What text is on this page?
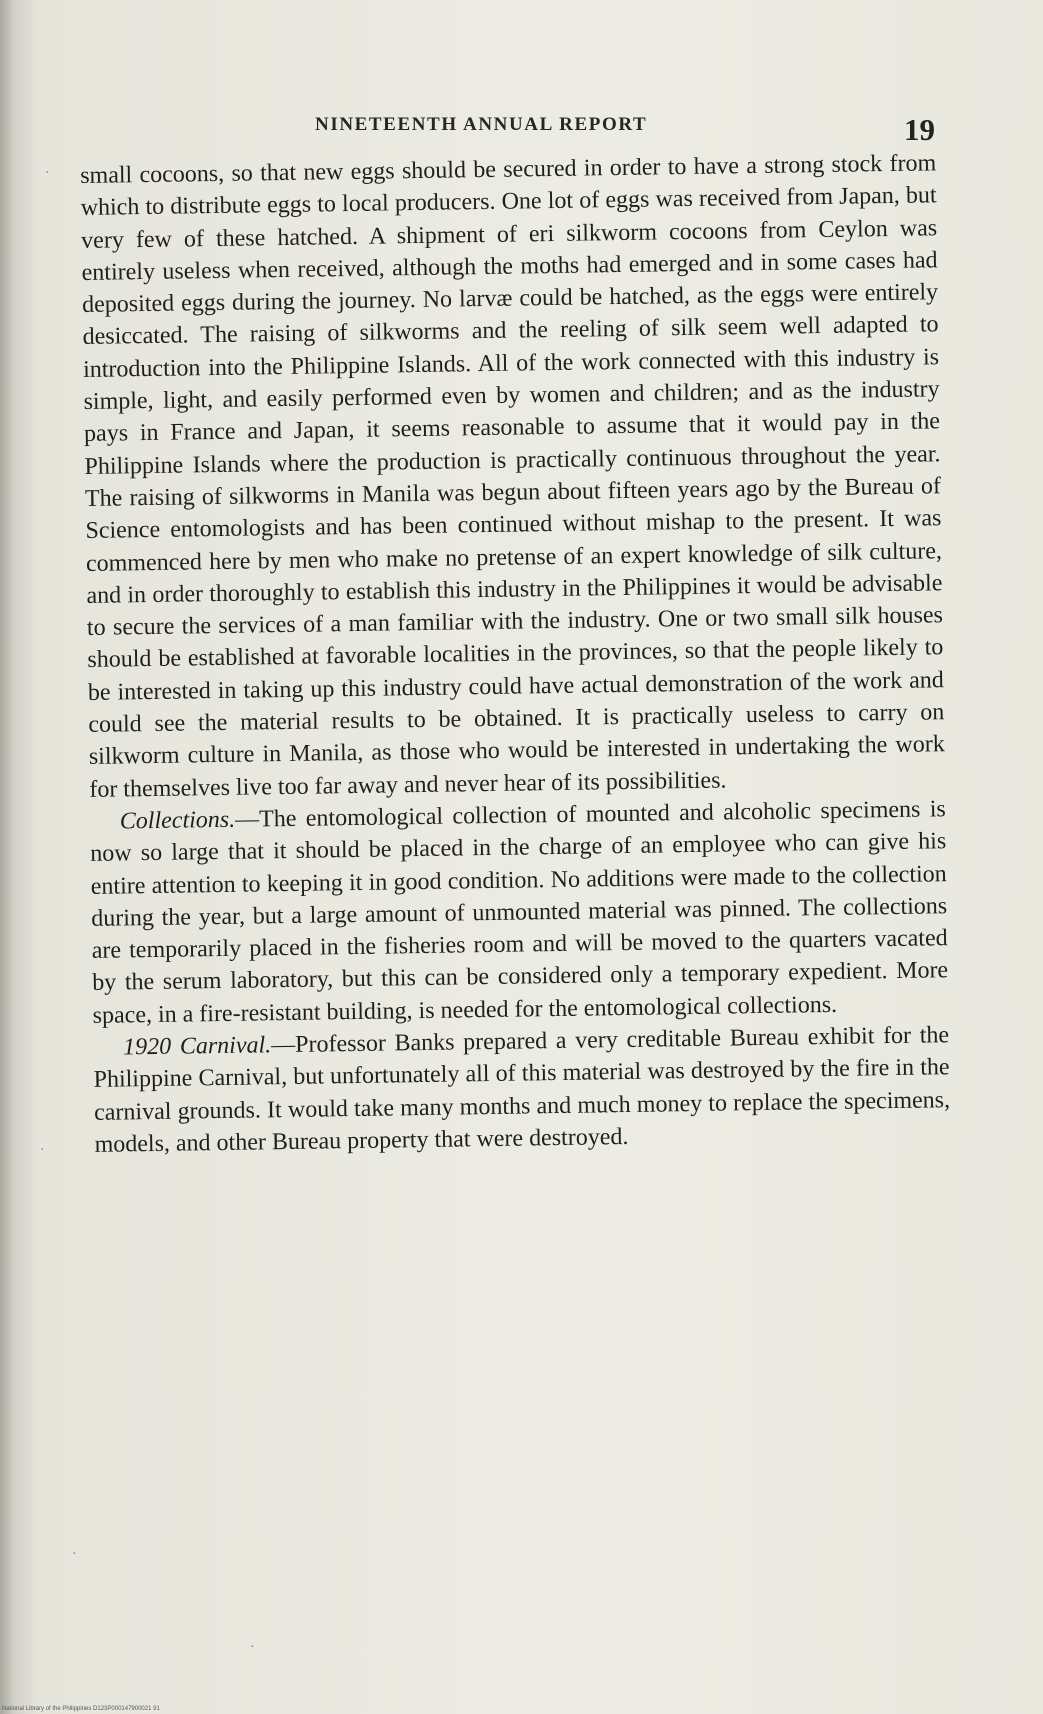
NINETEENTH ANNUAL REPORT	19

small cocoons, so that new eggs should be secured in order to have a strong stock from which to distribute eggs to local producers. One lot of eggs was received from Japan, but very few of these hatched. A shipment of eri silkworm cocoons from Ceylon was entirely useless when received, although the moths had emerged and in some cases had deposited eggs during the journey. No larvæ could be hatched, as the eggs were entirely desiccated. The raising of silkworms and the reeling of silk seem well adapted to introduction into the Philippine Islands. All of the work connected with this industry is simple, light, and easily performed even by women and children; and as the industry pays in France and Japan, it seems reasonable to assume that it would pay in the Philippine Islands where the production is practically continuous throughout the year. The raising of silkworms in Manila was begun about fifteen years ago by the Bureau of Science entomologists and has been continued without mishap to the present. It was commenced here by men who make no pretense of an expert knowledge of silk culture, and in order thoroughly to establish this industry in the Philippines it would be advisable to secure the services of a man familiar with the industry. One or two small silk houses should be established at favorable localities in the provinces, so that the people likely to be interested in taking up this industry could have actual demonstration of the work and could see the material results to be obtained. It is practically useless to carry on silkworm culture in Manila, as those who would be interested in undertaking the work for themselves live too far away and never hear of its possibilities.

Collections.—The entomological collection of mounted and alcoholic specimens is now so large that it should be placed in the charge of an employee who can give his entire attention to keeping it in good condition. No additions were made to the collection during the year, but a large amount of unmounted material was pinned. The collections are temporarily placed in the fisheries room and will be moved to the quarters vacated by the serum laboratory, but this can be considered only a temporary expedient. More space, in a fire-resistant building, is needed for the entomological collections.

1920 Carnival.—Professor Banks prepared a very creditable Bureau exhibit for the Philippine Carnival, but unfortunately all of this material was destroyed by the fire in the carnival grounds. It would take many months and much money to replace the specimens, models, and other Bureau property that were destroyed.

·
·
·
·
National Library of the Philippines D123P000147900021 91
